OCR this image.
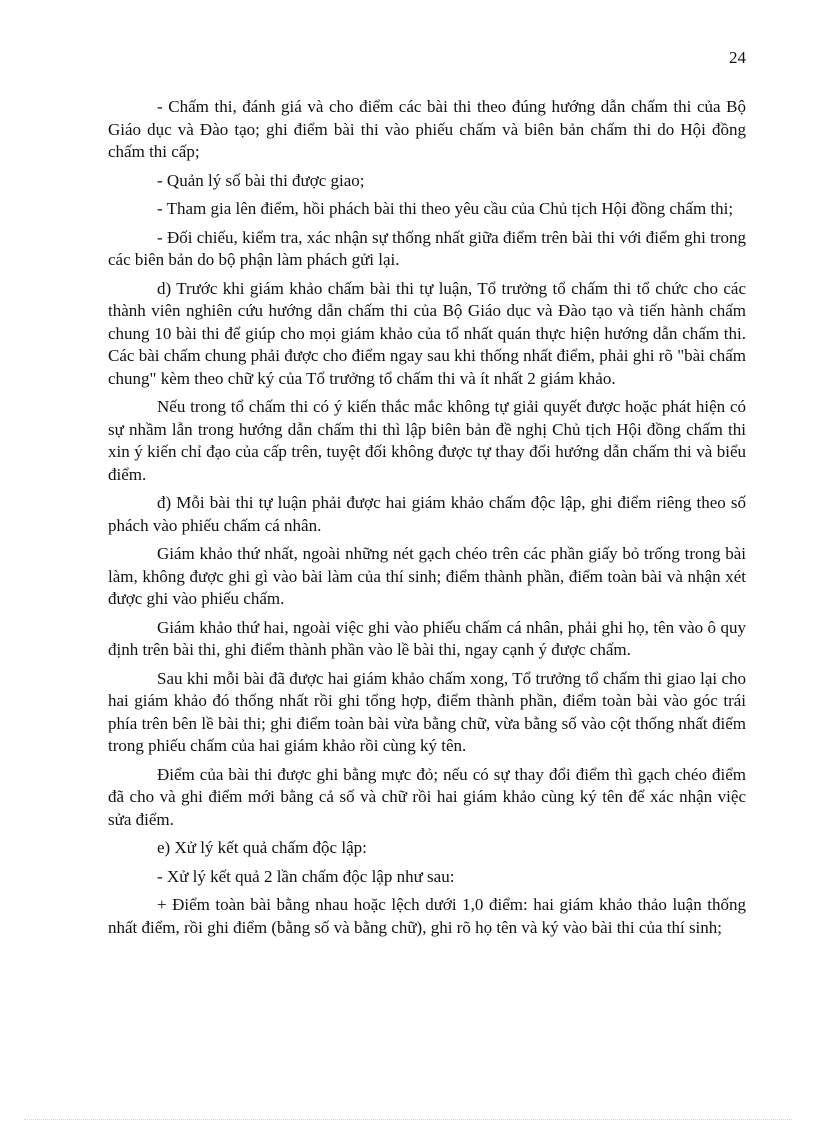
24

- Chấm thi, đánh giá và cho điểm các bài thi theo đúng hướng dẫn chấm thi của Bộ Giáo dục và Đào tạo; ghi điểm bài thi vào phiếu chấm và biên bản chấm thi do Hội đồng chấm thi cấp;

- Quản lý số bài thi được giao;

- Tham gia lên điểm, hồi phách bài thi theo yêu cầu của Chủ tịch Hội đồng chấm thi;

- Đối chiếu, kiểm tra, xác nhận sự thống nhất giữa điểm trên bài thi với điểm ghi trong các biên bản do bộ phận làm phách gửi lại.

d) Trước khi giám khảo chấm bài thi tự luận, Tổ trưởng tổ chấm thi tổ chức cho các thành viên nghiên cứu hướng dẫn chấm thi của Bộ Giáo dục và Đào tạo và tiến hành chấm chung 10 bài thi để giúp cho mọi giám khảo của tổ nhất quán thực hiện hướng dẫn chấm thi. Các bài chấm chung phải được cho điểm ngay sau khi thống nhất điểm, phải ghi rõ "bài chấm chung" kèm theo chữ ký của Tổ trưởng tổ chấm thi và ít nhất 2 giám khảo.

Nếu trong tổ chấm thi có ý kiến thắc mắc không tự giải quyết được hoặc phát hiện có sự nhầm lẫn trong hướng dẫn chấm thi thì lập biên bản đề nghị Chủ tịch Hội đồng chấm thi xin ý kiến chỉ đạo của cấp trên, tuyệt đối không được tự thay đổi hướng dẫn chấm thi và biểu điểm.

đ) Mỗi bài thi tự luận phải được hai giám khảo chấm độc lập, ghi điểm riêng theo số phách vào phiếu chấm cá nhân.

Giám khảo thứ nhất, ngoài những nét gạch chéo trên các phần giấy bỏ trống trong bài làm, không được ghi gì vào bài làm của thí sinh; điểm thành phần, điểm toàn bài và nhận xét được ghi vào phiếu chấm.

Giám khảo thứ hai, ngoài việc ghi vào phiếu chấm cá nhân, phải ghi họ, tên vào ô quy định trên bài thi, ghi điểm thành phần vào lề bài thi, ngay cạnh ý được chấm.

Sau khi mỗi bài đã được hai giám khảo chấm xong, Tổ trưởng tổ chấm thi giao lại cho hai giám khảo đó thống nhất rồi ghi tổng hợp, điểm thành phần, điểm toàn bài vào góc trái phía trên bên lề bài thi; ghi điểm toàn bài vừa bằng chữ, vừa bằng số vào cột thống nhất điểm trong phiếu chấm của hai giám khảo rồi cùng ký tên.

Điểm của bài thi được ghi bằng mực đỏ; nếu có sự thay đổi điểm thì gạch chéo điểm đã cho và ghi điểm mới bằng cả số và chữ rồi hai giám khảo cùng ký tên để xác nhận việc sửa điểm.

e) Xử lý kết quả chấm độc lập:

- Xử lý kết quả 2 lần chấm độc lập như sau:

+ Điểm toàn bài bằng nhau hoặc lệch dưới 1,0 điểm: hai giám khảo thảo luận thống nhất điểm, rồi ghi điểm (bằng số và bằng chữ), ghi rõ họ tên và ký vào bài thi của thí sinh;
